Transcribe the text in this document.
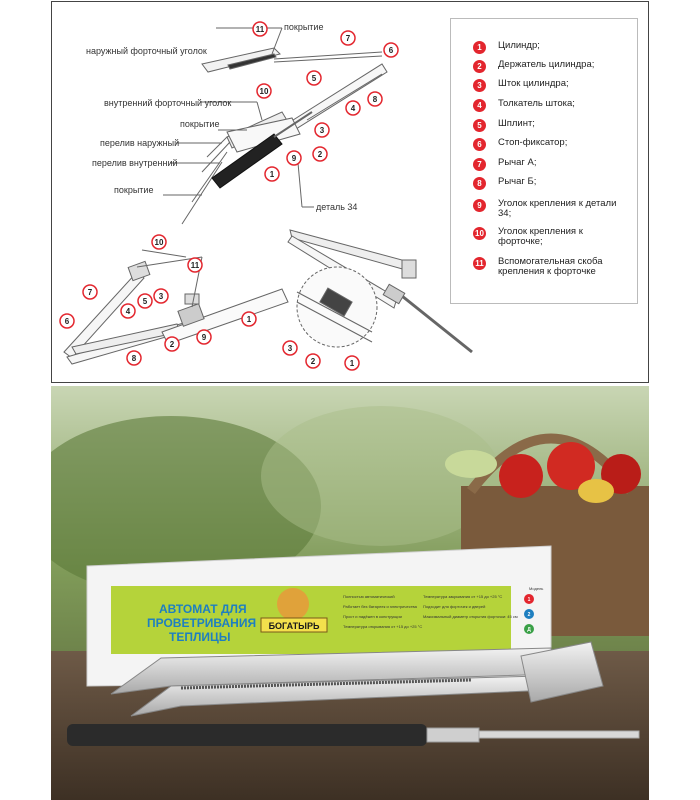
покрытие
наружный форточный уголок
внутренний форточный уголок
покрытие
перелив наружный
перелив внутренний
покрытие
деталь 34
11
7
6
10
5
4
8
3
9	2
1
10
11
7
5
3
4
6
2
9
1
8
3
2	1
1	Цилиндр;
2	Держатель цилиндра;
3	Шток цилиндра;
4	Толкатель штока;
5	Шплинт;
6	Стоп-фиксатор;
7	Рычаг А;
8	Рычаг Б;
9	Уголок крепления к детали 34;
10 Уголок крепления к форточке;
11 Вспомогательная скоба крепления к форточке
АВТОМАТ ДЛЯ
ПРОВЕТРИВАНИЯ
ТЕПЛИЦЫ
БОГАТЫРЬ
Полностью автоматический
Работает без батареек и электричества
Прост и надёжен в конструкции
Температура открывания от +15 до +25 °С
Температура закрывания от +15 до +25 °С
Подходит для форточек и дверей
Максимальный диаметр открытия форточки: 45 см
Модель
1
2
Д
